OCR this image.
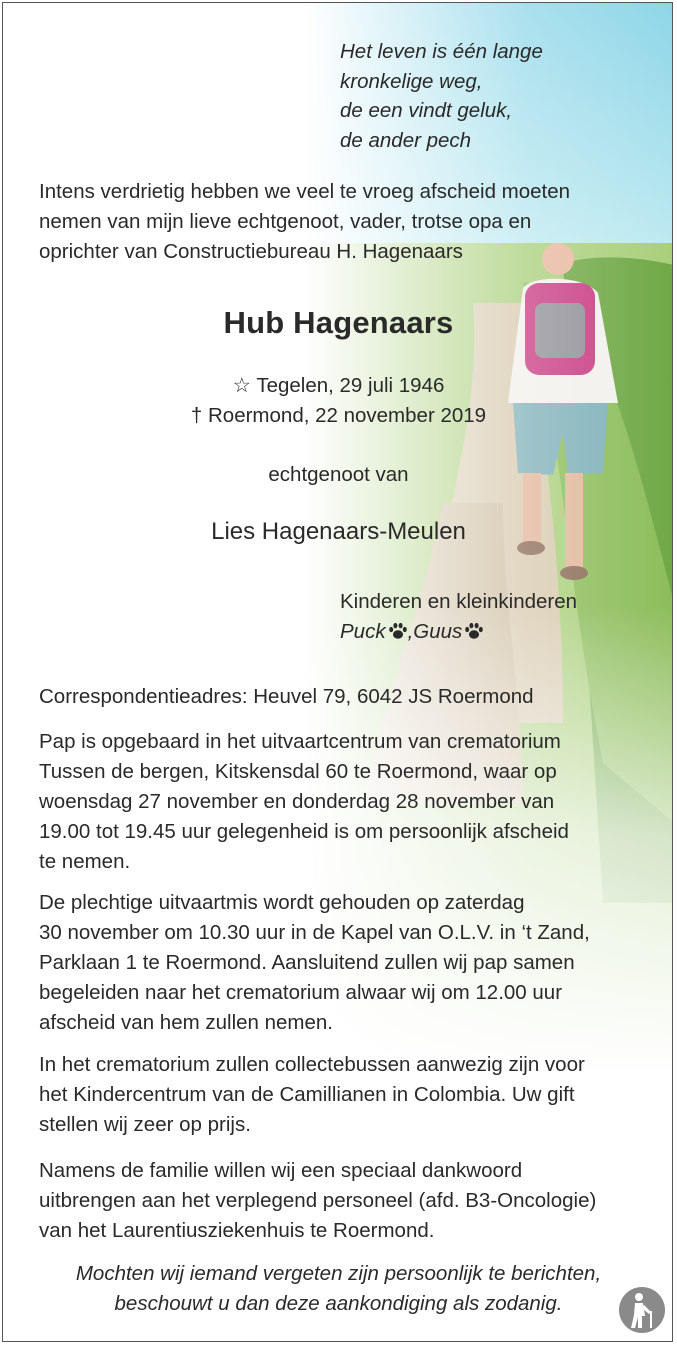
Het leven is één lange
kronkelige weg,
de een vindt geluk,
de ander pech
Intens verdrietig hebben we veel te vroeg afscheid moeten
nemen van mijn lieve echtgenoot, vader, trotse opa en
oprichter van Constructiebureau H. Hagenaars
Hub Hagenaars
☆ Tegelen, 29 juli 1946
† Roermond, 22 november 2019
echtgenoot van
Lies Hagenaars-Meulen
Kinderen en kleinkinderen
Puck ,Guus
Correspondentieadres: Heuvel 79, 6042 JS Roermond
Pap is opgebaard in het uitvaartcentrum van crematorium
Tussen de bergen, Kitskensdal 60 te Roermond, waar op
woensdag 27 november en donderdag 28 november van
19.00 tot 19.45 uur gelegenheid is om persoonlijk afscheid
te nemen.
De plechtige uitvaartmis wordt gehouden op zaterdag
30 november om 10.30 uur in de Kapel van O.L.V. in ‘t Zand,
Parklaan 1 te Roermond. Aansluitend zullen wij pap samen
begeleiden naar het crematorium alwaar wij om 12.00 uur
afscheid van hem zullen nemen.
In het crematorium zullen collectebussen aanwezig zijn voor
het Kindercentrum van de Camillianen in Colombia. Uw gift
stellen wij zeer op prijs.
Namens de familie willen wij een speciaal dankwoord
uitbrengen aan het verplegend personeel (afd. B3-Oncologie)
van het Laurentiusziekenhuis te Roermond.
Mochten wij iemand vergeten zijn persoonlijk te berichten,
beschouwt u dan deze aankondiging als zodanig.
